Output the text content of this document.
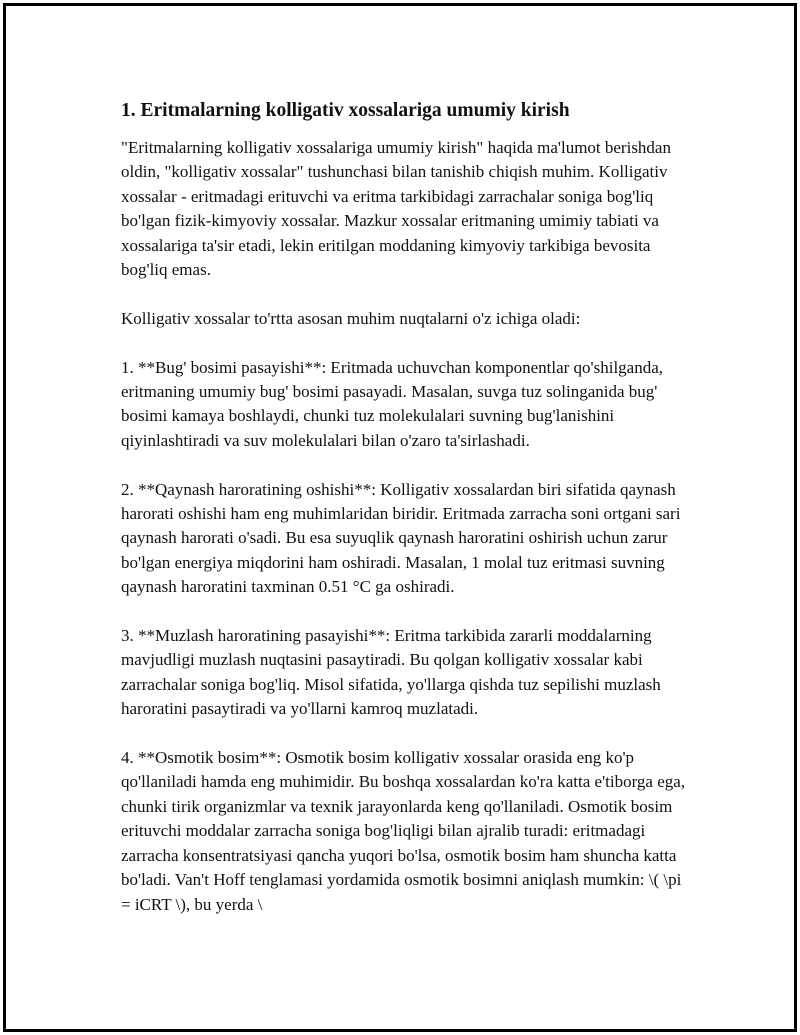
1. Eritmalarning kolligativ xossalariga umumiy kirish

"Eritmalarning kolligativ xossalariga umumiy kirish" haqida ma'lumot berishdan oldin, "kolligativ xossalar" tushunchasi bilan tanishib chiqish muhim. Kolligativ xossalar - eritmadagi erituvchi va eritma tarkibidagi zarrachalar soniga bog'liq bo'lgan fizik-kimyoviy xossalar. Mazkur xossalar eritmaning umimiy tabiati va xossalariga ta'sir etadi, lekin eritilgan moddaning kimyoviy tarkibiga bevosita bog'liq emas.

Kolligativ xossalar to'rtta asosan muhim nuqtalarni o'z ichiga oladi:

1. **Bug' bosimi pasayishi**: Eritmada uchuvchan komponentlar qo'shilganda, eritmaning umumiy bug' bosimi pasayadi. Masalan, suvga tuz solinganida bug' bosimi kamaya boshlaydi, chunki tuz molekulalari suvning bug'lanishini qiyinlashtiradi va suv molekulalari bilan o'zaro ta'sirlashadi.

2. **Qaynash haroratining oshishi**: Kolligativ xossalardan biri sifatida qaynash harorati oshishi ham eng muhimlaridan biridir. Eritmada zarracha soni ortgani sari qaynash harorati o'sadi. Bu esa suyuqlik qaynash haroratini oshirish uchun zarur bo'lgan energiya miqdorini ham oshiradi. Masalan, 1 molal tuz eritmasi suvning qaynash haroratini taxminan 0.51 °C ga oshiradi.

3. **Muzlash haroratining pasayishi**: Eritma tarkibida zararli moddalarning mavjudligi muzlash nuqtasini pasaytiradi. Bu qolgan kolligativ xossalar kabi zarrachalar soniga bog'liq. Misol sifatida, yo'llarga qishda tuz sepilishi muzlash haroratini pasaytiradi va yo'llarni kamroq muzlatadi.

4. **Osmotik bosim**: Osmotik bosim kolligativ xossalar orasida eng ko'p qo'llaniladi hamda eng muhimidir. Bu boshqa xossalardan ko'ra katta e'tiborga ega, chunki tirik organizmlar va texnik jarayonlarda keng qo'llaniladi. Osmotik bosim erituvchi moddalar zarracha soniga bog'liqligi bilan ajralib turadi: eritmadagi zarracha konsentratsiyasi qancha yuqori bo'lsa, osmotik bosim ham shuncha katta bo'ladi. Van't Hoff tenglamasi yordamida osmotik bosimni aniqlash mumkin: \( \pi = iCRT \), bu yerda \
